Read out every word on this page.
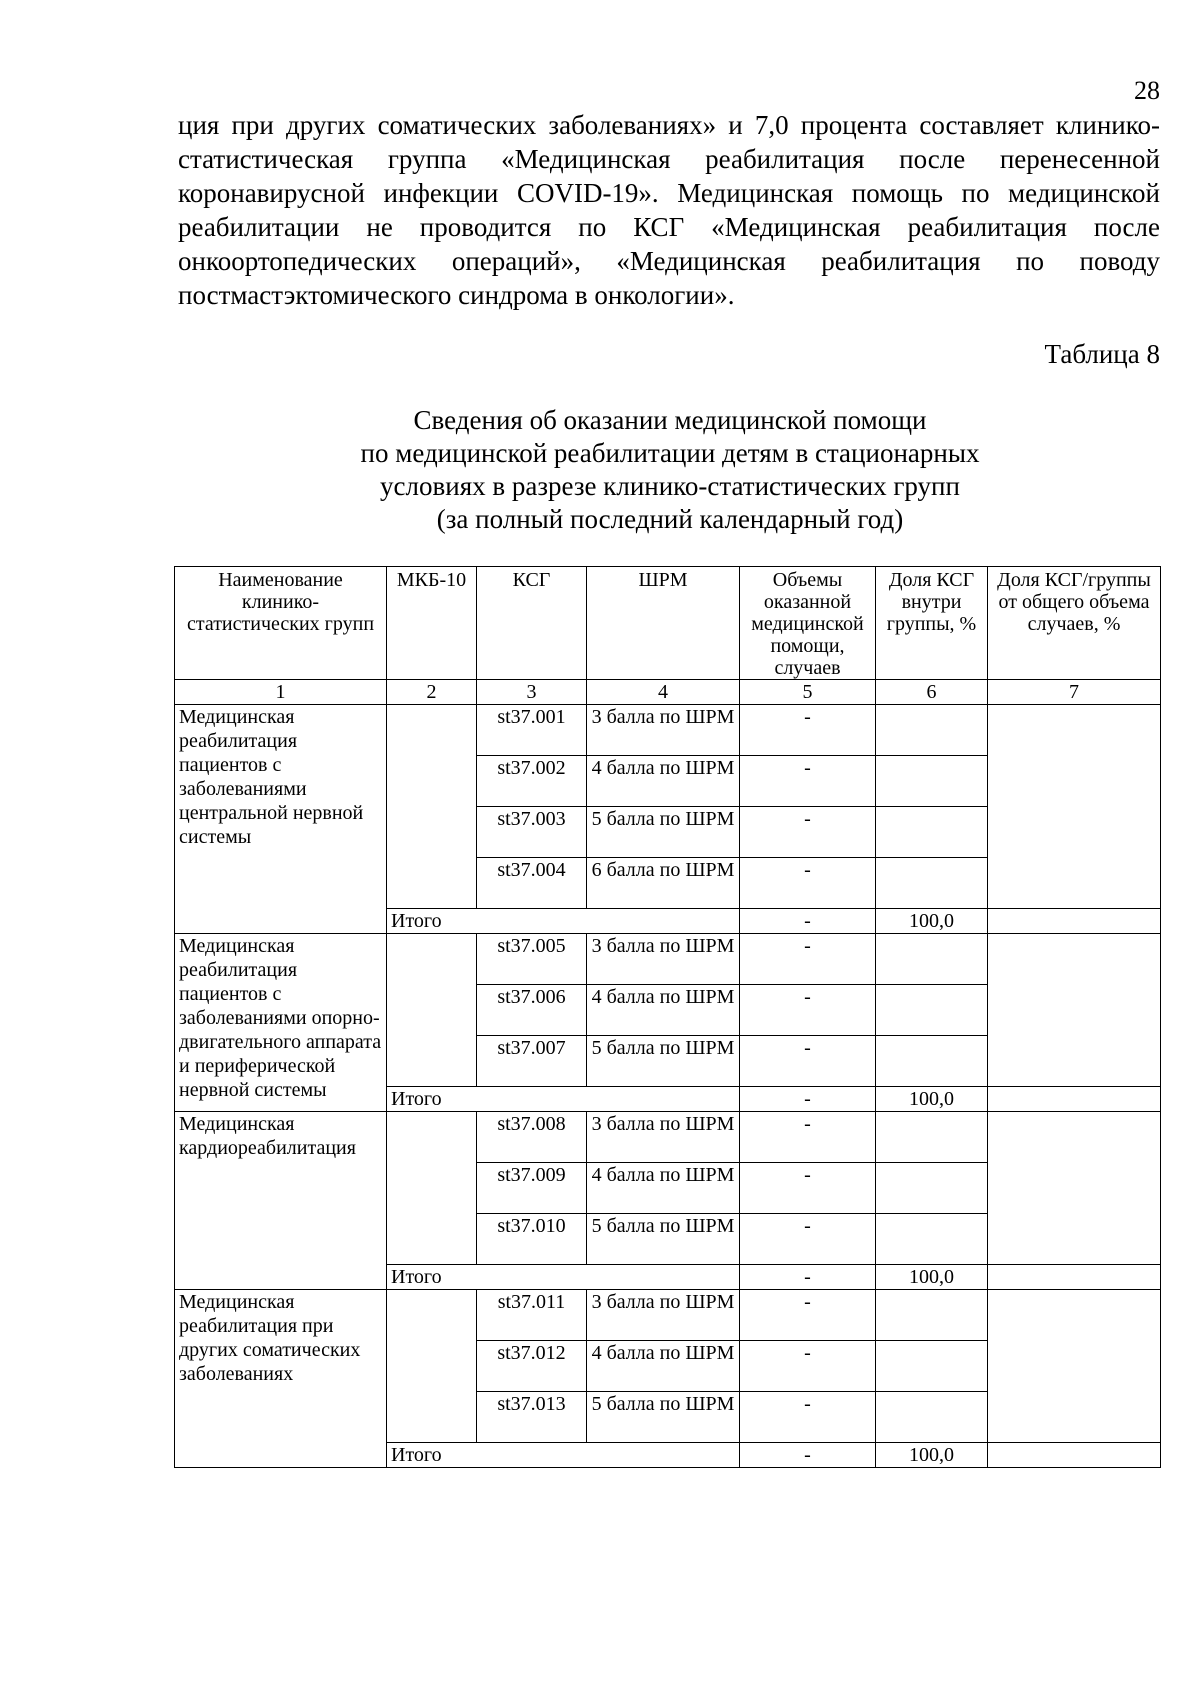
28

ция при других соматических заболеваниях» и 7,0 процента составляет клинико-статистическая группа «Медицинская реабилитация после перенесенной коронавирусной инфекции COVID-19». Медицинская помощь по медицинской реабилитации не проводится по КСГ «Медицинская реабилитация после онкоортопедических операций», «Медицинская реабилитация по поводу постмастэктомического синдрома в онкологии».

Таблица 8
Сведения об оказании медицинской помощи
по медицинской реабилитации детям в стационарных
условиях в разрезе клинико-статистических групп
(за полный последний календарный год)
Наименование клинико-статистических групп	МКБ-10	КСГ	ШРМ	Объемы оказанной медицинской помощи, случаев	Доля КСГ внутри группы, %	Доля КСГ/группы от общего объема случаев, %
1	2	3	4	5	6	7
Медицинская реабилитация пациентов с заболеваниями центральной нервной системы		st37.001	3 балла по ШРМ	-		
		st37.002	4 балла по ШРМ	-		
		st37.003	5 балла по ШРМ	-		
		st37.004	6 балла по ШРМ	-		
	Итого			-	100,0	
Медицинская реабилитация пациентов с заболеваниями опорно-двигательного аппарата и периферической нервной системы		st37.005	3 балла по ШРМ	-		
		st37.006	4 балла по ШРМ	-		
		st37.007	5 балла по ШРМ	-		
	Итого			-	100,0	
Медицинская кардиореабилитация		st37.008	3 балла по ШРМ	-		
		st37.009	4 балла по ШРМ	-		
		st37.010	5 балла по ШРМ	-		
	Итого			-	100,0	
Медицинская реабилитация при других соматических заболеваниях		st37.011	3 балла по ШРМ	-		
		st37.012	4 балла по ШРМ	-		
		st37.013	5 балла по ШРМ	-		
	Итого			-	100,0	
